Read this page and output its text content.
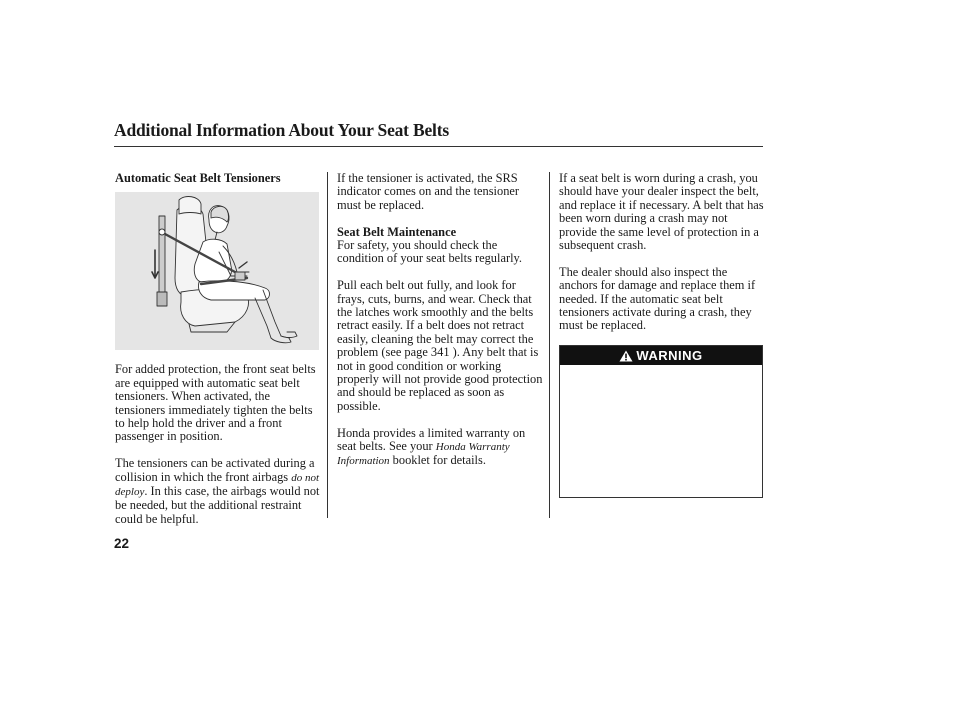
Additional Information About Your Seat Belts
Automatic Seat Belt Tensioners

For added protection, the front seat belts are equipped with automatic seat belt tensioners. When activated, the tensioners immediately tighten the belts to help hold the driver and a front passenger in position.

The tensioners can be activated during a collision in which the front airbags do not deploy. In this case, the airbags would not be needed, but the additional restraint could be helpful.

If the tensioner is activated, the SRS indicator comes on and the tensioner must be replaced.

Seat Belt Maintenance

For safety, you should check the condition of your seat belts regularly.

Pull each belt out fully, and look for frays, cuts, burns, and wear. Check that the latches work smoothly and the belts retract easily. If a belt does not retract easily, cleaning the belt may correct the problem (see page 341 ). Any belt that is not in good condition or working properly will not provide good protection and should be replaced as soon as possible.

Honda provides a limited warranty on seat belts. See your Honda Warranty Information booklet for details.

If a seat belt is worn during a crash, you should have your dealer inspect the belt, and replace it if necessary. A belt that has been worn during a crash may not provide the same level of protection in a subsequent crash.

The dealer should also inspect the anchors for damage and replace them if needed. If the automatic seat belt tensioners activate during a crash, they must be replaced.

WARNING
22
